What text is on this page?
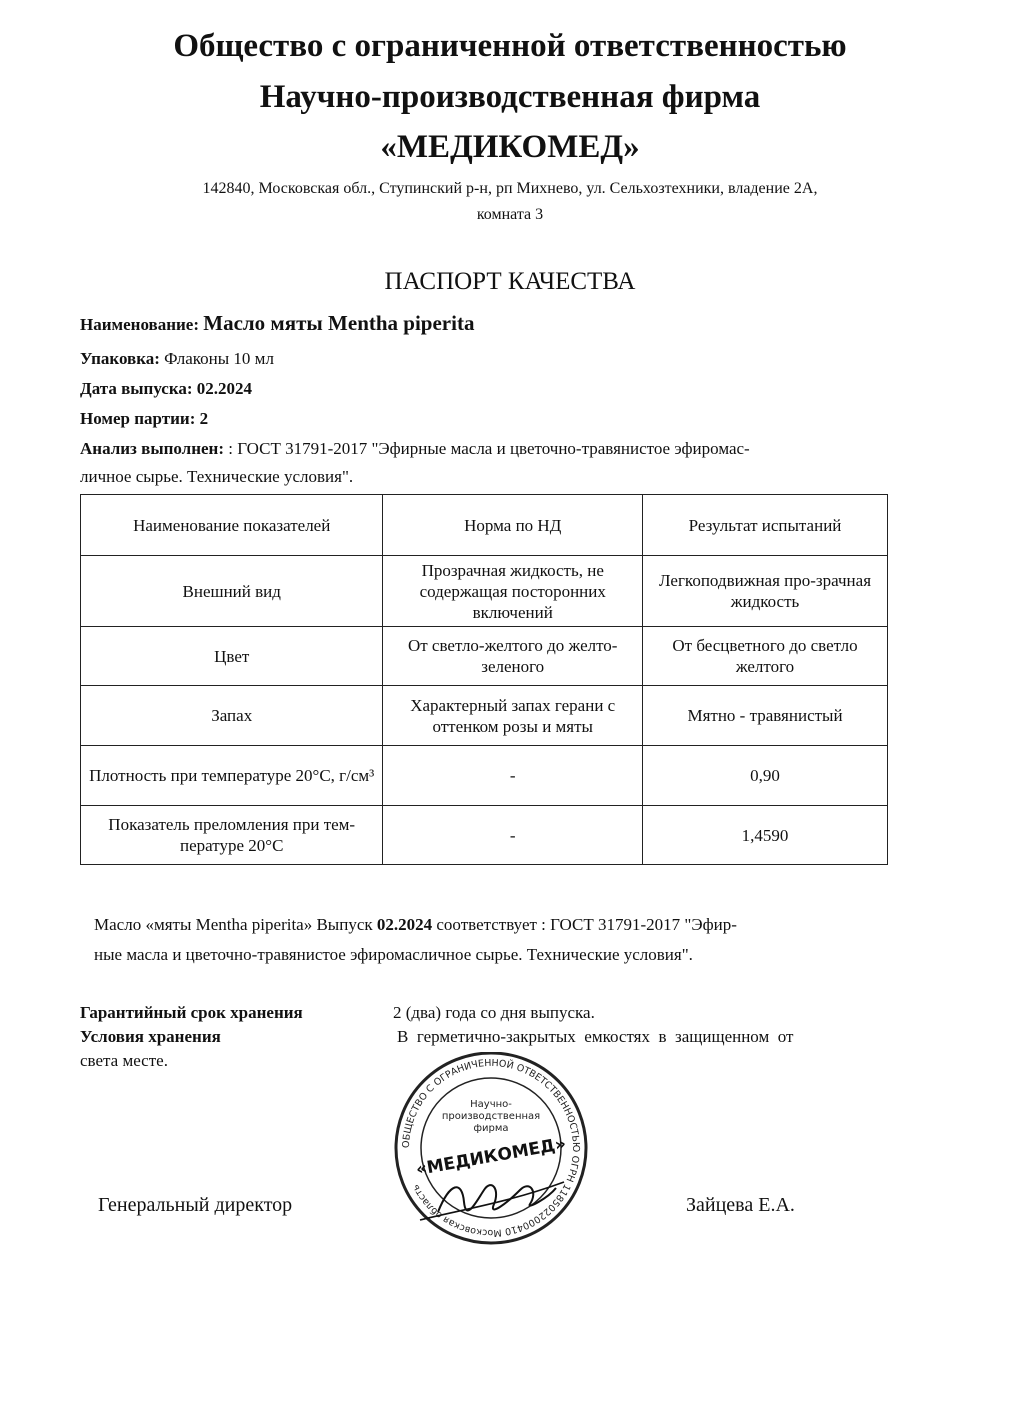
Общество с ограниченной ответственностью
Научно-производственная фирма
«МЕДИКОМЕД»
142840, Московская обл., Ступинский р-н, рп Михнево, ул. Сельхозтехники, владение 2А,
комната 3
ПАСПОРТ КАЧЕСТВА
Наименование: Масло мяты Mentha piperita
Упаковка: Флаконы 10 мл
Дата выпуска: 02.2024
Номер партии: 2
Анализ выполнен: : ГОСТ 31791-2017 "Эфирные масла и цветочно-травянистое эфиромас-
личное сырье. Технические условия".
Наименование показателей	Норма по НД	Результат испытаний
Внешний вид	Прозрачная жидкость, не содержащая посторонних включений	Легкоподвижная про-зрачная жидкость
Цвет	От светло-желтого до желто-зеленого	От бесцветного до светло желтого
Запах	Характерный запах герани с оттенком розы и мяты	Мятно - травянистый
Плотность при температуре 20°С, г/см³	-	0,90
Показатель преломления при тем-пературе 20°С	-	1,4590
Масло «мяты Mentha piperita» Выпуск 02.2024 соответствует : ГОСТ 31791-2017 "Эфир-
ные масла и цветочно-травянистое эфиромасличное сырье. Технические условия".
Гарантийный срок хранения	2 (два) года со дня выпуска.
Условия хранения	В  герметично-закрытых  емкостях  в  защищенном  от
света месте.
Генеральный директор	Зайцева Е.А.
ОБЩЕСТВО С ОГРАНИЧЕННОЙ ОТВЕТСТВЕННОСТЬЮ ОГРН 1185022000410 Московская область
Научно-
производственная
фирма
«МЕДИКОМЕД»
